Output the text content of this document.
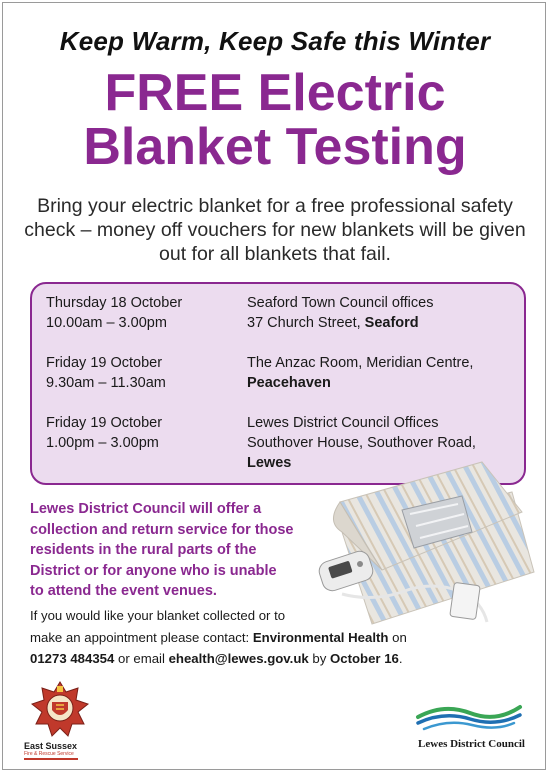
Keep Warm, Keep Safe this Winter
FREE Electric
Blanket Testing
Bring your electric blanket for a free professional safety check – money off vouchers for new blankets will be given out for all blankets that fail.
Thursday 18 October
10.00am – 3.00pm
Seaford Town Council offices
37 Church Street, Seaford
Friday 19 October
9.30am – 11.30am
The Anzac Room, Meridian Centre,
Peacehaven
Friday 19 October
1.00pm – 3.00pm
Lewes District Council Offices
Southover House, Southover Road,
Lewes
Lewes District Council will offer a
collection and return service for those
residents in the rural parts of the
District or for anyone who is unable
to attend the event venues.
If you would like your blanket collected or to
make an appointment please contact: Environmental Health on
01273 484354 or email ehealth@lewes.gov.uk by October 16.
East Sussex
Fire & Rescue Service
Lewes District Council
